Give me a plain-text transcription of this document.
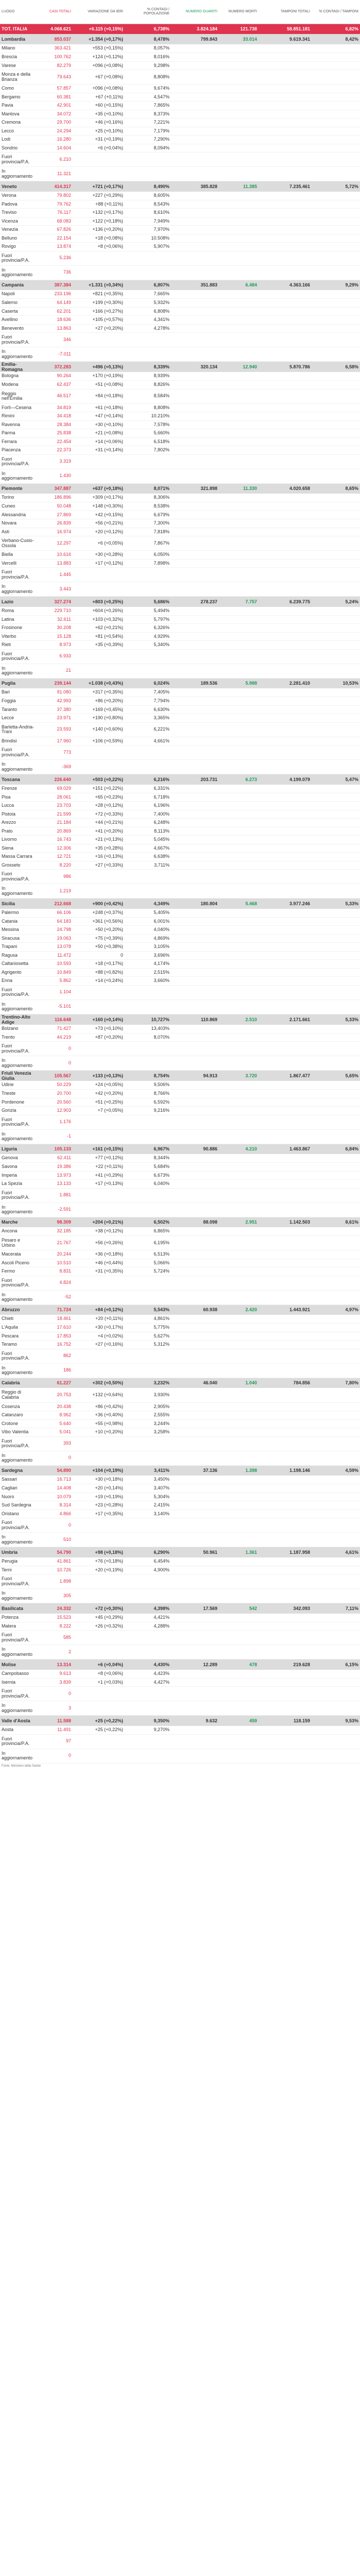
LUOGO	CASI TOTALI	VARIAZIONE DA IERI	% CONTAGI / POPOLAZIONE	NUMERO GUARITI	NUMERO MORTI	TAMPONI TOTALI	% CONTAGI / TAMPONI
TOT. ITALIA	4.068.621	+6.115 (+0,15%)	6,738%	3.824.184	121.738	58.851.181	6,82%
Lombardia	853.037	+1.354 (+0,17%)	8,478%	799.843	33.014	9.619.341	8,42%
Milano	363.421	+553 (+0,15%)	8,057%				
Brescia	100.762	+124 (+0,12%)	8,016%				
Varese	82.279	+096 (+0,08%)	9,298%				
Monza e della Brianza	79.643	+67 (+0,08%)	8,808%				
Como	57.857	+096 (+0,08%)	9,674%				
Bergamo	60.381	+67 (+0,11%)	4,547%				
Pavia	42.901	+60 (+0,15%)	7,865%				
Mantova	34.072	+35 (+0,10%)	8,373%				
Cremona	29.700	+46 (+0,16%)	7,221%				
Lecco	24.294	+25 (+0,10%)	7,179%				
Lodi	16.280	+31 (+0,19%)	7,290%				
Sondrio	14.604	+6 (+0,04%)	8,094%				
Fuori provincia/P.A.	6.210						
In aggiornamento	11.321						
Veneto	414.317	+721 (+0,17%)	8,490%	385.828	11.385	7.235.461	5,72%
Verona	79.802	+227 (+0,29%)	8,605%				
Padova	79.762	+88 (+0,11%)	8,543%				
Treviso	76.117	+132 (+0,17%)	8,610%				
Vicenza	68.083	+122 (+0,18%)	7,949%				
Venezia	67.826	+136 (+0,20%)	7,970%				
Belluno	22.154	+18 (+0,08%)	10.508%				
Rovigo	13.874	+8 (+0,06%)	5,907%				
Fuori provincia/P.A.	5.236						
In aggiornamento	736						
Campania	387.384	+1.331 (+0,34%)	6,807%	351.883	6.484	4.363.166	9,29%
Napoli	233.196	+821 (+0,35%)	7,665%				
Salerno	64.149	+199 (+0,30%)	5,932%				
Caserta	62.201	+166 (+0,27%)	6,808%				
Avellino	18.636	+105 (+0,57%)	4,341%				
Benevento	13.863	+27 (+0,20%)	4,278%				
Fuori provincia/P.A.	346						
In aggiornamento	-7.011						
Emilia-Romagna	372.283	+496 (+0,13%)	8,339%	320.134	12.940	5.870.786	6,58%
Bologna	90.264	+170 (+0,19%)	8,939%				
Modena	62.437	+51 (+0,08%)	8,826%				
Reggio nell'Emilia	46.517	+84 (+0,18%)	8,584%				
Forlì—Cesena	34.819	+61 (+0,18%)	8,808%				
Rimini	34.418	+47 (+0,14%)	10.210%				
Ravenna	28.384	+30 (+0,10%)	7,578%				
Parma	25.838	+21 (+0,08%)	5,660%				
Ferrara	22.454	+14 (+0,06%)	6,518%				
Piacenza	22.373	+31 (+0,14%)	7,802%				
Fuori provincia/P.A.	3.319						
In aggiornamento	1.430						
Piemonte	347.887	+637 (+0,18%)	8,071%	321.898	11.330	4.020.658	8,65%
Torino	186.896	+309 (+0,17%)	8,306%				
Cuneo	50.048	+148 (+0,30%)	8,538%				
Alessandria	27.869	+42 (+0,15%)	6,679%				
Novara	26.839	+56 (+0,21%)	7,300%				
Asti	16.974	+20 (+0,12%)	7,818%				
Verbano-Cusio-Ossola	12.297	+6 (+0,05%)	7,867%				
Biella	10.616	+30 (+0,28%)	6,050%				
Vercelli	13.883	+17 (+0,12%)	7,898%				
Fuori provincia/P.A.	1.445						
In aggiornamento	3.443						
Lazio	327.274	+803 (+0,25%)	5,686%	278.237	7.757	6.239.775	5,24%
Roma	229.710	+604 (+0,26%)	5,494%				
Latina	32.611	+103 (+0,32%)	5,797%				
Frosinone	30.208	+62 (+0,21%)	6,326%				
Viterbo	15.128	+81 (+0,54%)	4,929%				
Rieti	8.973	+35 (+0,39%)	5,340%				
Fuori provincia/P.A.	6.933						
In aggiornamento	21						
Puglia	239.144	+1.038 (+0,43%)	6,024%	189.536	5.988	2.281.410	10,53%
Bari	91.080	+317 (+0,35%)	7,405%				
Foggia	42.993	+86 (+0,20%)	7,794%				
Taranto	37.380	+169 (+0,45%)	6,630%				
Lecce	23.971	+190 (+0,80%)	3,365%				
Barletta-Andria-Trani	23.593	+140 (+0,60%)	6,221%				
Brindisi	17.960	+106 (+0,59%)	4,661%				
Fuori provincia/P.A.	773						
In aggiornamento	-369						
Toscana	226.640	+503 (+0,22%)	6,216%	203.731	6.273	4.199.079	5,47%
Firenze	69.029	+151 (+0,22%)	6,331%				
Pisa	28.061	+65 (+0,23%)	6,718%				
Lucca	23.703	+28 (+0,12%)	6,196%				
Pistoia	21.599	+72 (+0,33%)	7,400%				
Arezzo	21.184	+44 (+0,21%)	6,248%				
Prato	20.869	+41 (+0,20%)	8,113%				
Livorno	16.743	+21 (+0,13%)	5,045%				
Siena	12.306	+35 (+0,28%)	4,667%				
Massa Carrara	12.721	+16 (+0,13%)	6,638%				
Grosseto	8.220	+27 (+0,33%)	3,711%				
Fuori provincia/P.A.	986						
In aggiornamento	1.219						
Sicilia	212.668	+900 (+0,42%)	4,349%	180.804	5.468	3.977.246	5,33%
Palermo	66.106	+248 (+0,37%)	5,405%				
Catania	64.183	+361 (+0,56%)	6,001%				
Messina	24.798	+50 (+0,20%)	4,040%				
Siracusa	19.063	+75 (+0,39%)	4,869%				
Trapani	13.078	+50 (+0,38%)	3,105%				
Ragusa	11.472	0	3,696%				
Caltanissetta	10.593	+18 (+0,17%)	4,174%				
Agrigento	10.849	+88 (+0,82%)	2,515%				
Enna	5.862	+14 (+0,24%)	3,660%				
Fuori provincia/P.A.	1.104						
In aggiornamento	-5.101						
Trentino-Alto Adige	116.648	+160 (+0,14%)	10,727%	110.869	2.510	2.171.661	5,33%
Bolzano	71.427	+73 (+0,10%)	13,403%				
Trento	44.219	+87 (+0,20%)	8,070%				
Fuori provincia/P.A.	0						
In aggiornamento	0						
Friuli Venezia Giulia	105.567	+133 (+0,13%)	8,754%	94.913	3.720	1.867.477	5,65%
Udine	50.229	+24 (+0,05%)	9,506%				
Trieste	20.700	+42 (+0,20%)	8,766%				
Pordenone	20.560	+51 (+0,25%)	6,592%				
Gorizia	12.903	+7 (+0,05%)	9,216%				
Fuori provincia/P.A.	1.176						
In aggiornamento	-1						
Liguria	105.133	+161 (+0,15%)	6,967%	90.886	4.210	1.463.867	6,84%
Genova	62.411	+77 (+0,12%)	8,344%				
Savona	19.386	+22 (+0,11%)	5,684%				
Imperia	13.973	+41 (+0,29%)	6,673%				
La Spezia	13.133	+17 (+0,13%)	6,040%				
Fuori provincia/P.A.	1.881						
In aggiornamento	-2.591						
Marche	98.309	+204 (+0,21%)	6,502%	88.098	2.951	1.142.503	8,61%
Ancona	32.185	+38 (+0,12%)	6,865%				
Pesaro e Urbino	21.767	+56 (+0,26%)	6,195%				
Macerata	20.244	+36 (+0,18%)	6,513%				
Ascoli Piceno	10.510	+46 (+0,44%)	5,066%				
Fermo	8.831	+31 (+0,35%)	5,724%				
Fuori provincia/P.A.	4.824						
In aggiornamento	-52						
Abruzzo	71.724	+84 (+0,12%)	5,543%	60.938	2.420	1.443.921	4,97%
Chieti	18.461	+20 (+0,11%)	4,861%				
L'Aquila	17.610	+30 (+0,17%)	5,775%				
Pescara	17.853	+4 (+0,02%)	5,627%				
Teramo	16.752	+27 (+0,16%)	5,312%				
Fuori provincia/P.A.	862						
In aggiornamento	186						
Calabria	61.227	+302 (+0,50%)	3,232%	46.040	1.040	784.856	7,80%
Reggio di Calabria	20.753	+132 (+0,64%)	3,930%				
Cosenza	20.438	+86 (+0,42%)	2,905%				
Catanzaro	8.962	+36 (+0,40%)	2,555%				
Crotone	5.640	+55 (+0,98%)	3,244%				
Vibo Valentia	5.041	+10 (+0,20%)	3,258%				
Fuori provincia/P.A.	393						
In aggiornamento	0						
Sardegna	54.890	+104 (+0,19%)	3,411%	37.136	1.398	1.198.146	4,59%
Sassari	16.713	+30 (+0,18%)	3,450%				
Cagliari	14.408	+20 (+0,14%)	3,407%				
Nuoro	10.079	+19 (+0,19%)	5,304%				
Sud Sardegna	8.314	+23 (+0,28%)	2,415%				
Oristano	4.866	+17 (+0,35%)	3,140%				
Fuori provincia/P.A.	0						
In aggiornamento	510						
Umbria	54.790	+98 (+0,18%)	6,290%	50.961	1.361	1.187.958	4,61%
Perugia	41.861	+76 (+0,18%)	6,454%				
Terni	10.726	+20 (+0,19%)	4,900%				
Fuori provincia/P.A.	1.898						
In aggiornamento	305						
Basilicata	24.332	+72 (+0,30%)	4,398%	17.569	542	342.093	7,11%
Potenza	15.523	+45 (+0,29%)	4,421%				
Matera	8.222	+26 (+0,32%)	4,288%				
Fuori provincia/P.A.	585						
In aggiornamento	2						
Molise	13.314	+6 (+0,04%)	4,430%	12.289	478	219.628	6,15%
Campobasso	9.613	+8 (+0,06%)	4,423%				
Isernia	3.839	+1 (+0,03%)	4,427%				
Fuori provincia/P.A.	0						
In aggiornamento	3						
Valle d'Aosta	11.588	+25 (+0,22%)	9,350%	9.632	459	118.159	9,53%
Aosta	11.491	+25 (+0,22%)	9,270%				
Fuori provincia/P.A.	97						
In aggiornamento	0						
Fonte: Ministero della Salute
